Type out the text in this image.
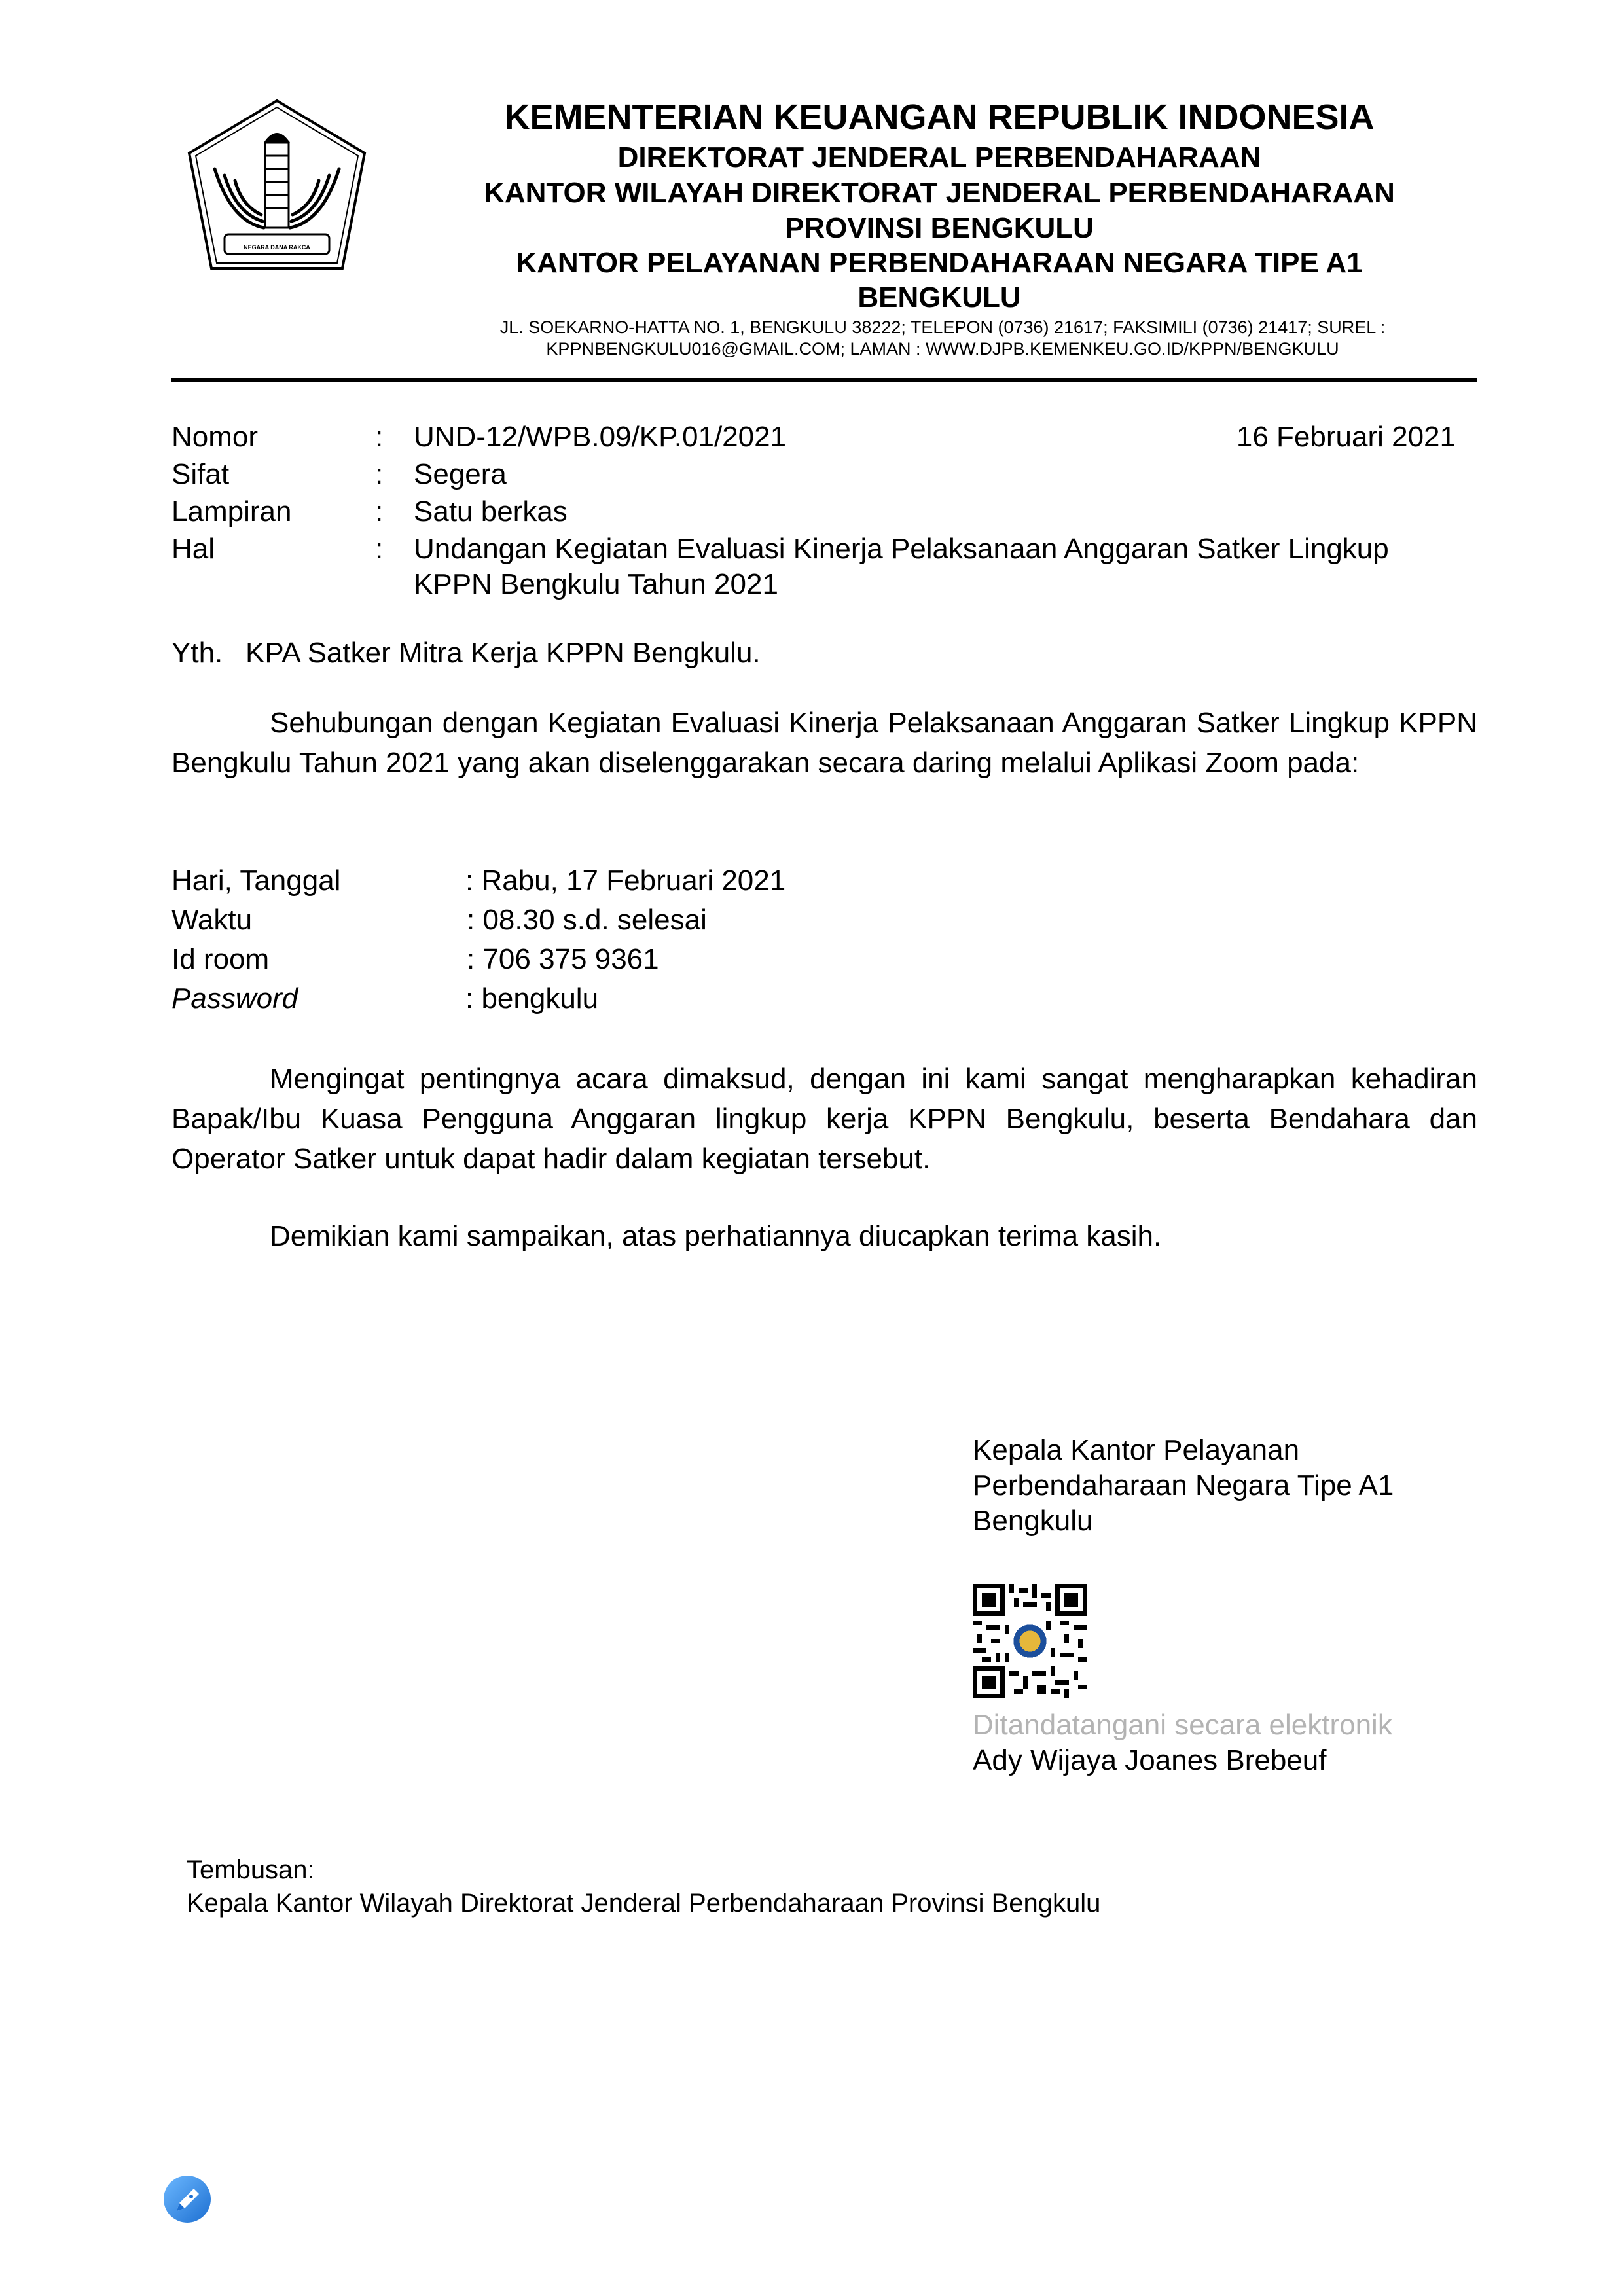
NEGARA DANA RAKCA
KEMENTERIAN KEUANGAN REPUBLIK INDONESIA
DIREKTORAT JENDERAL PERBENDAHARAAN
KANTOR WILAYAH DIREKTORAT JENDERAL PERBENDAHARAAN
PROVINSI BENGKULU
KANTOR PELAYANAN PERBENDAHARAAN NEGARA TIPE A1
BENGKULU
JL. SOEKARNO-HATTA NO. 1, BENGKULU 38222; TELEPON (0736) 21617; FAKSIMILI (0736) 21417; SUREL :
KPPNBENGKULU016@GMAIL.COM; LAMAN : WWW.DJPB.KEMENKEU.GO.ID/KPPN/BENGKULU
Nomor	: UND-12/WPB.09/KP.01/2021	16 Februari 2021
Sifat	: Segera
Lampiran	: Satu berkas
Hal	: Undangan Kegiatan Evaluasi Kinerja Pelaksanaan Anggaran Satker Lingkup
KPPN Bengkulu Tahun 2021
Yth. KPA Satker Mitra Kerja KPPN Bengkulu.
Sehubungan dengan Kegiatan Evaluasi Kinerja Pelaksanaan Anggaran Satker Lingkup KPPN Bengkulu Tahun 2021 yang akan diselenggarakan secara daring melalui Aplikasi Zoom pada:
Hari, Tanggal	: Rabu, 17 Februari 2021
Waktu	: 08.30 s.d. selesai
Id room	: 706 375 9361
Password	: bengkulu
Mengingat pentingnya acara dimaksud, dengan ini kami sangat mengharapkan kehadiran Bapak/Ibu Kuasa Pengguna Anggaran lingkup kerja KPPN Bengkulu, beserta Bendahara dan Operator Satker untuk dapat hadir dalam kegiatan tersebut.
Demikian kami sampaikan, atas perhatiannya diucapkan terima kasih.
Kepala Kantor Pelayanan
Perbendaharaan Negara Tipe A1
Bengkulu
Ditandatangani secara elektronik
Ady Wijaya Joanes Brebeuf
Tembusan:
Kepala Kantor Wilayah Direktorat Jenderal Perbendaharaan Provinsi Bengkulu
